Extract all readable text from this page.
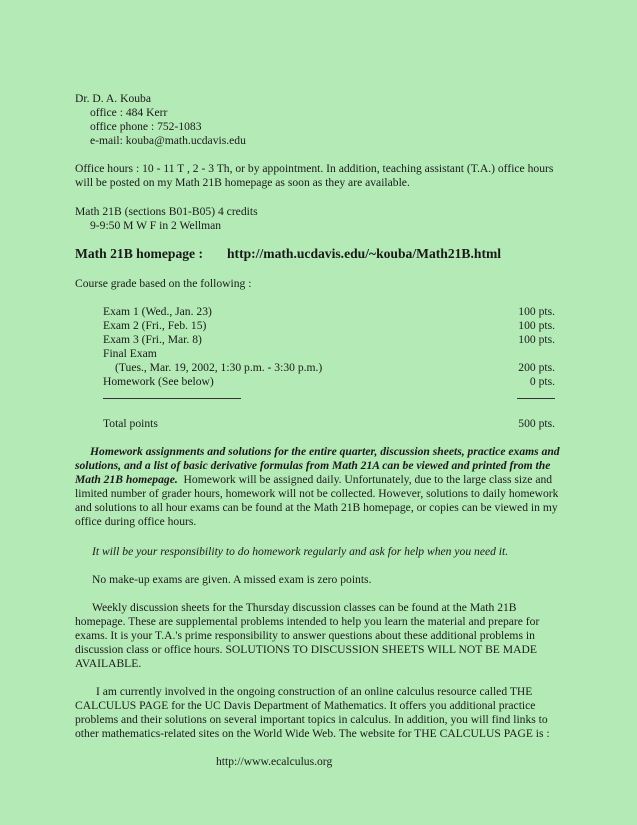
Dr. D. A. Kouba
office : 484 Kerr
office phone : 752-1083
e-mail: kouba@math.ucdavis.edu

Office hours : 10 - 11 T , 2 - 3 Th, or by appointment. In addition, teaching assistant (T.A.) office hours will be posted on my Math 21B homepage as soon as they are available.

Math 21B (sections B01-B05) 4 credits
9-9:50 M W F in 2 Wellman
Math 21B homepage : http://math.ucdavis.edu/~kouba/Math21B.html
Course grade based on the following :
Exam 1 (Wed., Jan. 23)	100 pts.
Exam 2 (Fri., Feb. 15)	100 pts.
Exam 3 (Fri., Mar. 8)	100 pts.
Final Exam	
(Tues., Mar. 19, 2002, 1:30 p.m. - 3:30 p.m.)	200 pts.
Homework (See below)	0 pts.

Total points	500 pts.

Homework assignments and solutions for the entire quarter, discussion sheets, practice exams and solutions, and a list of basic derivative formulas from Math 21A can be viewed and printed from the Math 21B homepage. Homework will be assigned daily. Unfortunately, due to the large class size and limited number of grader hours, homework will not be collected. However, solutions to daily homework and solutions to all hour exams can be found at the Math 21B homepage, or copies can be viewed in my office during office hours.

It will be your responsibility to do homework regularly and ask for help when you need it.

No make-up exams are given. A missed exam is zero points.

Weekly discussion sheets for the Thursday discussion classes can be found at the Math 21B homepage. These are supplemental problems intended to help you learn the material and prepare for exams. It is your T.A.'s prime responsibility to answer questions about these additional problems in discussion class or office hours. SOLUTIONS TO DISCUSSION SHEETS WILL NOT BE MADE AVAILABLE.

I am currently involved in the ongoing construction of an online calculus resource called THE CALCULUS PAGE for the UC Davis Department of Mathematics. It offers you additional practice problems and their solutions on several important topics in calculus. In addition, you will find links to other mathematics-related sites on the World Wide Web. The website for THE CALCULUS PAGE is :

http://www.ecalculus.org
